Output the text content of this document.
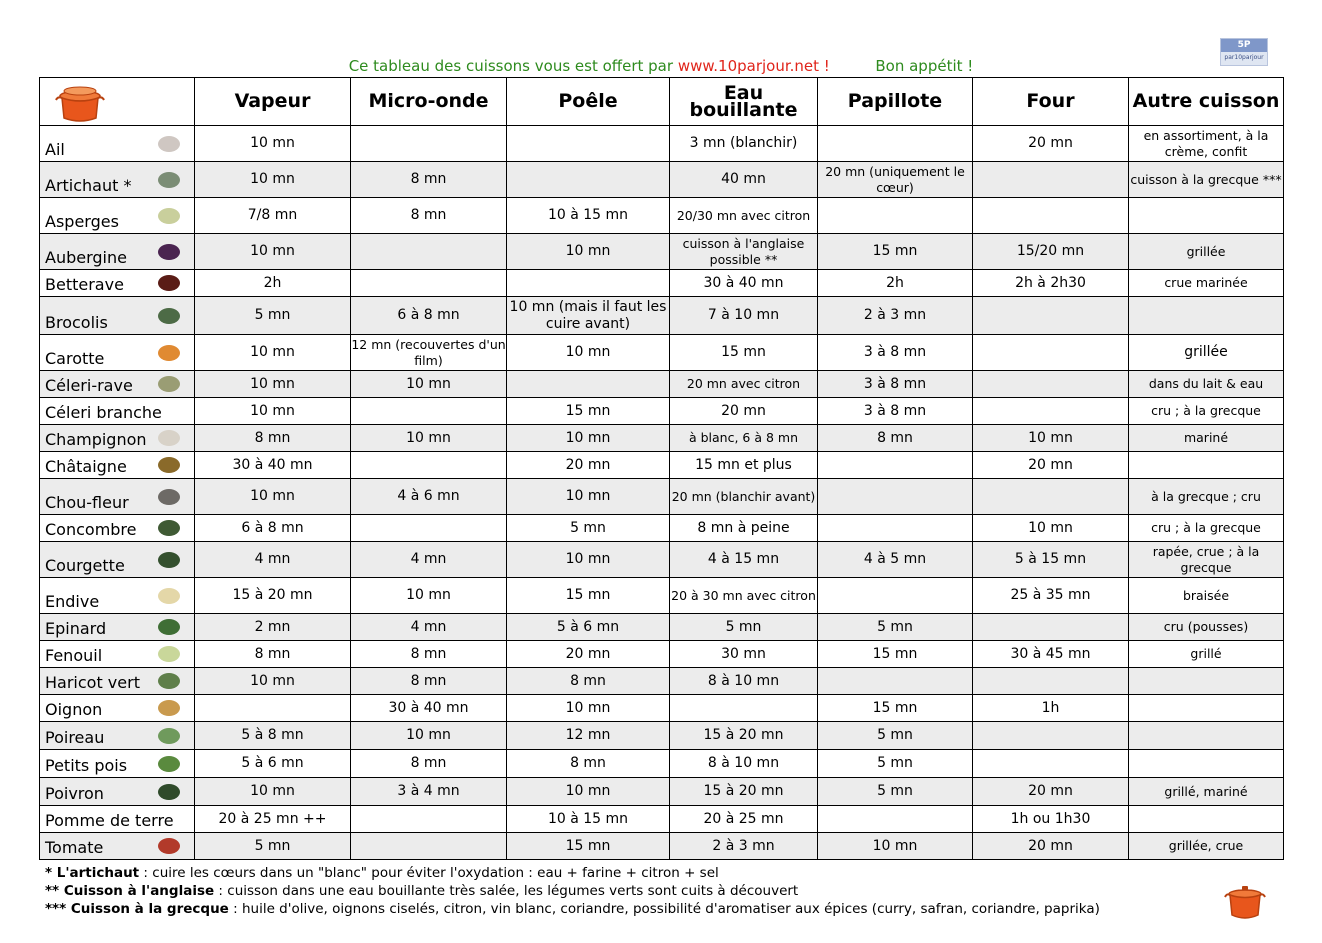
Ce tableau des cuissons vous est offert par www.10parjour.net !	Bon appétit !
5P
par10parjour
	Vapeur	Micro-onde	Poêle	Eau bouillante	Papillote	Four	Autre cuisson

Ail	10 mn			3 mn (blanchir)		20 mn	en assortiment, à la crème, confit

Artichaut *	10 mn	8 mn		40 mn	20 mn (uniquement le cœur)		cuisson à la grecque ***

Asperges	7/8 mn	8 mn	10 à 15 mn	20/30 mn avec citron			

Aubergine	10 mn		10 mn	cuisson à l'anglaise possible **	15 mn	15/20 mn	grillée

Betterave	2h			30 à 40 mn	2h	2h à 2h30	crue marinée

Brocolis	5 mn	6 à 8 mn	10 mn (mais il faut les cuire avant)	7 à 10 mn	2 à 3 mn		

Carotte	10 mn	12 mn (recouvertes d'un film)	10 mn	15 mn	3 à 8 mn		grillée

Céleri-rave	10 mn	10 mn		20 mn avec citron	3 à 8 mn		dans du lait & eau

Céleri branche	10 mn		15 mn	20 mn	3 à 8 mn		cru ; à la grecque

Champignon	8 mn	10 mn	10 mn	à blanc, 6 à 8 mn	8 mn	10 mn	mariné

Châtaigne	30 à 40 mn		20 mn	15 mn et plus		20 mn	

Chou-fleur	10 mn	4 à 6 mn	10 mn	20 mn (blanchir avant)			à la grecque ; cru

Concombre	6 à 8 mn		5 mn	8 mn à peine		10 mn	cru ; à la grecque

Courgette	4 mn	4 mn	10 mn	4 à 15 mn	4 à 5 mn	5 à 15 mn	rapée, crue ; à la grecque

Endive	15 à 20 mn	10 mn	15 mn	20 à 30 mn avec citron		25 à 35 mn	braisée

Epinard	2 mn	4 mn	5 à 6 mn	5 mn	5 mn		cru (pousses)

Fenouil	8 mn	8 mn	20 mn	30 mn	15 mn	30 à 45 mn	grillé

Haricot vert	10 mn	8 mn	8 mn	8 à 10 mn			

Oignon		30 à 40 mn	10 mn		15 mn	1h	

Poireau	5 à 8 mn	10 mn	12 mn	15 à 20 mn	5 mn		

Petits pois	5 à 6 mn	8 mn	8 mn	8 à 10 mn	5 mn		

Poivron	10 mn	3 à 4 mn	10 mn	15 à 20 mn	5 mn	20 mn	grillé, mariné

Pomme de terre	20 à 25 mn ++		10 à 15 mn	20 à 25 mn		1h ou 1h30	

Tomate	5 mn		15 mn	2 à 3 mn	10 mn	20 mn	grillée, crue
* L'artichaut : cuire les cœurs dans un "blanc" pour éviter l'oxydation : eau + farine + citron + sel
** Cuisson à l'anglaise : cuisson dans une eau bouillante très salée, les légumes verts sont cuits à découvert
*** Cuisson à la grecque : huile d'olive, oignons ciselés, citron, vin blanc, coriandre, possibilité d'aromatiser aux épices (curry, safran, coriandre, paprika)
